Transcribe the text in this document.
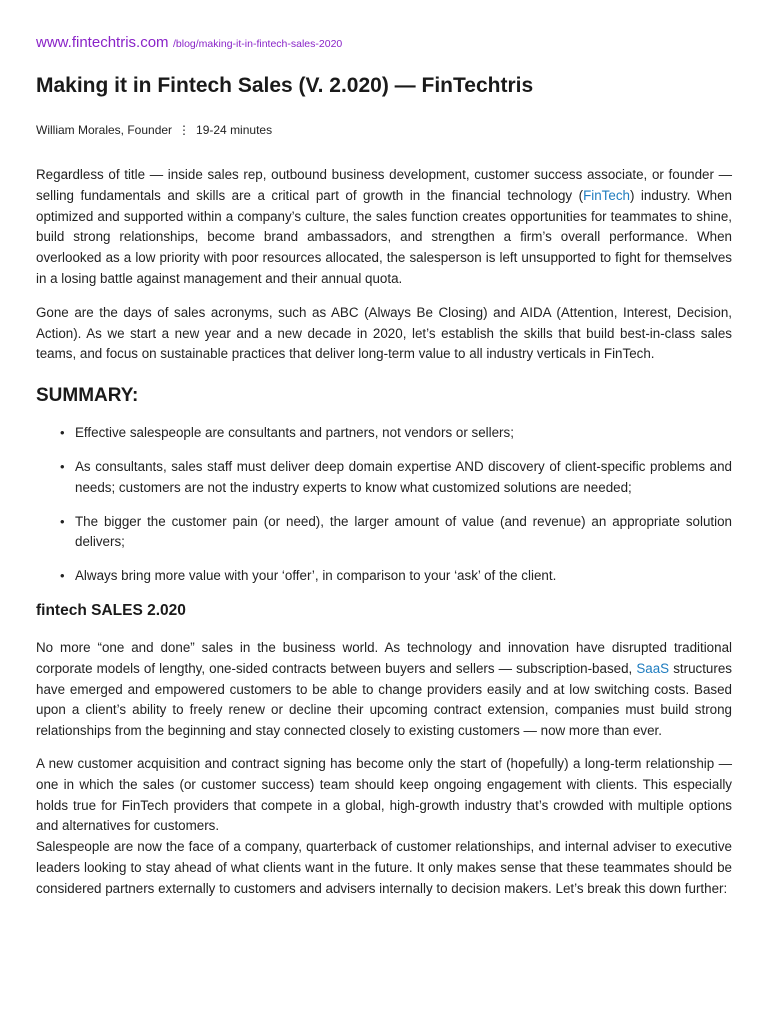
www.fintechtris.com /blog/making-it-in-fintech-sales-2020
Making it in Fintech Sales (V. 2.020) — FinTechtris
William Morales, Founder ⋮ 19-24 minutes

Regardless of title — inside sales rep, outbound business development, customer success associate, or founder — selling fundamentals and skills are a critical part of growth in the financial technology (FinTech) industry. When optimized and supported within a company’s culture, the sales function creates opportunities for teammates to shine, build strong relationships, become brand ambassadors, and strengthen a firm’s overall performance. When overlooked as a low priority with poor resources allocated, the salesperson is left unsupported to fight for themselves in a losing battle against management and their annual quota.

Gone are the days of sales acronyms, such as ABC (Always Be Closing) and AIDA (Attention, Interest, Decision, Action). As we start a new year and a new decade in 2020, let’s establish the skills that build best-in-class sales teams, and focus on sustainable practices that deliver long-term value to all industry verticals in FinTech.

SUMMARY:
• Effective salespeople are consultants and partners, not vendors or sellers;
• As consultants, sales staff must deliver deep domain expertise AND discovery of client-specific problems and needs; customers are not the industry experts to know what customized solutions are needed;
• The bigger the customer pain (or need), the larger amount of value (and revenue) an appropriate solution delivers;
• Always bring more value with your ‘offer’, in comparison to your ‘ask’ of the client.
fintech SALES 2.020

No more “one and done” sales in the business world. As technology and innovation have disrupted traditional corporate models of lengthy, one-sided contracts between buyers and sellers — subscription-based, SaaS structures have emerged and empowered customers to be able to change providers easily and at low switching costs. Based upon a client’s ability to freely renew or decline their upcoming contract extension, companies must build strong relationships from the beginning and stay connected closely to existing customers — now more than ever.

A new customer acquisition and contract signing has become only the start of (hopefully) a long-term relationship — one in which the sales (or customer success) team should keep ongoing engagement with clients. This especially holds true for FinTech providers that compete in a global, high-growth industry that’s crowded with multiple options and alternatives for customers.

Salespeople are now the face of a company, quarterback of customer relationships, and internal adviser to executive leaders looking to stay ahead of what clients want in the future. It only makes sense that these teammates should be considered partners externally to customers and advisers internally to decision makers. Let’s break this down further:
